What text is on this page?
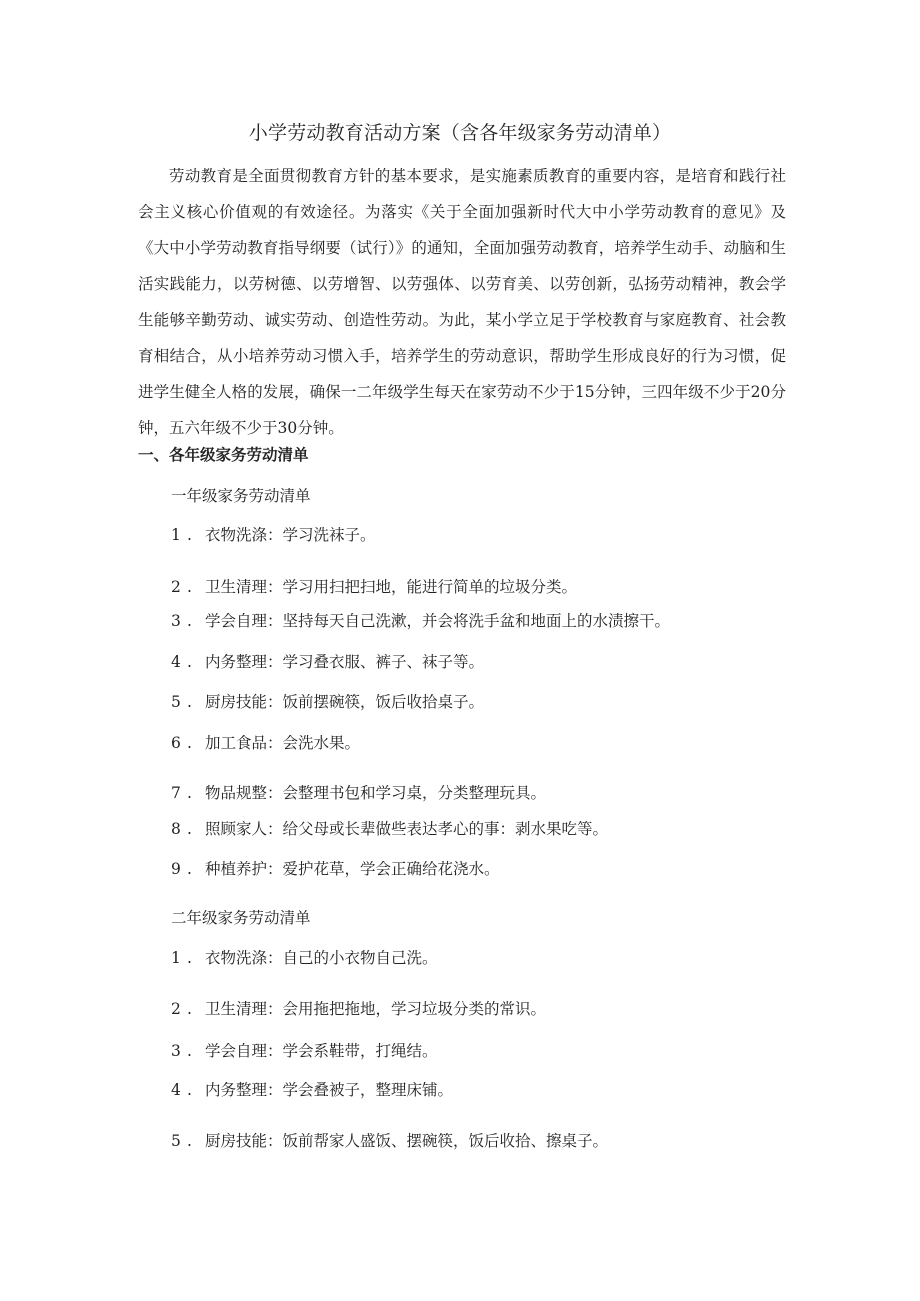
小学劳动教育活动方案（含各年级家务劳动清单）

劳动教育是全面贯彻教育方针的基本要求，是实施素质教育的重要内容，是培育和践行社会主义核心价值观的有效途径。为落实《关于全面加强新时代大中小学劳动教育的意见》及《大中小学劳动教育指导纲要（试行）》的通知，全面加强劳动教育，培养学生动手、动脑和生活实践能力，以劳树德、以劳增智、以劳强体、以劳育美、以劳创新，弘扬劳动精神，教会学生能够辛勤劳动、诚实劳动、创造性劳动。为此，某小学立足于学校教育与家庭教育、社会教育相结合，从小培养劳动习惯入手，培养学生的劳动意识，帮助学生形成良好的行为习惯，促进学生健全人格的发展，确保一二年级学生每天在家劳动不少于15分钟，三四年级不少于20分钟，五六年级不少于30分钟。

一、各年级家务劳动清单
一年级家务劳动清单
1 . 衣物洗涤：学习洗袜子。
2 . 卫生清理：学习用扫把扫地，能进行简单的垃圾分类。
3 . 学会自理：坚持每天自己洗漱，并会将洗手盆和地面上的水渍擦干。
4 . 内务整理：学习叠衣服、裤子、袜子等。
5 . 厨房技能：饭前摆碗筷，饭后收拾桌子。
6 . 加工食品：会洗水果。
7 . 物品规整：会整理书包和学习桌，分类整理玩具。
8 . 照顾家人：给父母或长辈做些表达孝心的事：剥水果吃等。
9 . 种植养护：爱护花草，学会正确给花浇水。
二年级家务劳动清单
1 . 衣物洗涤：自己的小衣物自己洗。
2 . 卫生清理：会用拖把拖地，学习垃圾分类的常识。
3 . 学会自理：学会系鞋带，打绳结。
4 . 内务整理：学会叠被子，整理床铺。
5 . 厨房技能：饭前帮家人盛饭、摆碗筷，饭后收拾、擦桌子。
